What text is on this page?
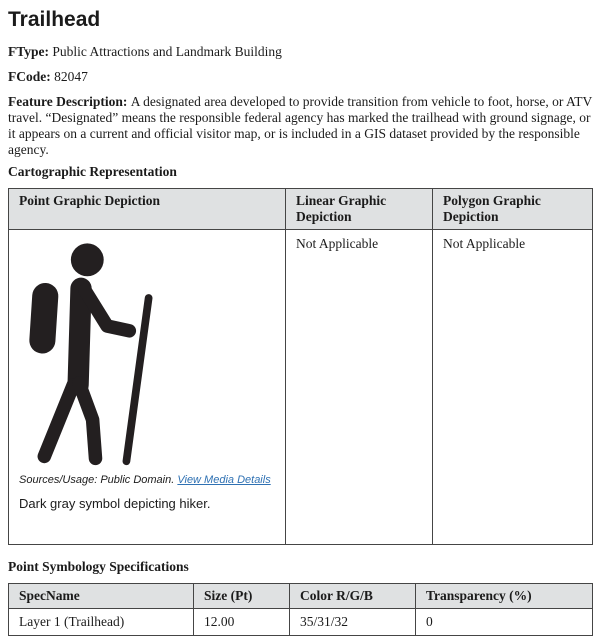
Trailhead

FType: Public Attractions and Landmark Building

FCode: 82047

Feature Description: A designated area developed to provide transition from vehicle to foot, horse, or ATV travel. “Designated” means the responsible federal agency has marked the trailhead with ground signage, or it appears on a current and official visitor map, or is included in a GIS dataset provided by the responsible agency.

Cartographic Representation
Point Graphic Depiction	Linear Graphic Depiction	Polygon Graphic Depiction

Sources/Usage: Public Domain. View Media Details

Dark gray symbol depicting hiker.	Not Applicable	Not Applicable
Point Symbology Specifications
SpecName	Size (Pt)	Color R/G/B	Transparency (%)
Layer 1 (Trailhead)	12.00	35/31/32	0
